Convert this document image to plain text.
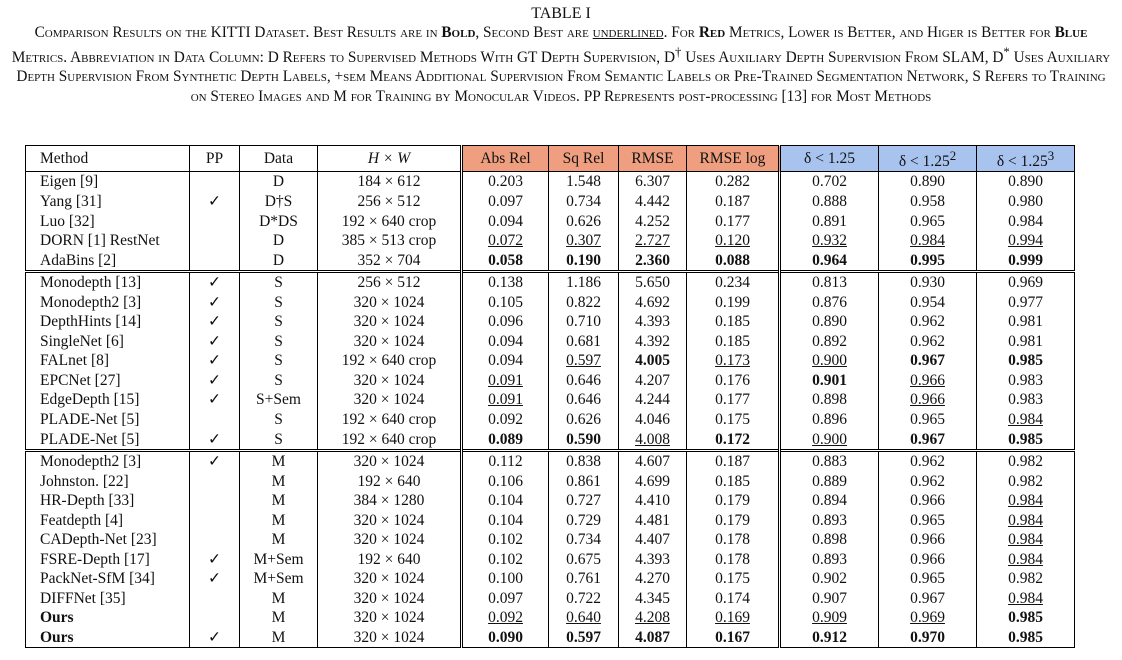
TABLE I
Comparison Results on the KITTI Dataset. Best Results are in Bold, Second Best are underlined. For Red Metrics, Lower is Better, and Higer is Better for Blue Metrics. Abbreviation in Data Column: D Refers to Supervised Methods With GT Depth Supervision, D† Uses Auxiliary Depth Supervision From SLAM, D* Uses Auxiliary Depth Supervision From Synthetic Depth Labels, +sem Means Additional Supervision From Semantic Labels or Pre-Trained Segmentation Network, S Refers to Training on Stereo Images and M for Training by Monocular Videos. PP Represents post-processing [13] for Most Methods
Method	PP	Data	H × W	Abs Rel	Sq Rel	RMSE	RMSE log	δ < 1.25	$\delta < 1.25^2$	$\delta < 1.25^3$
Eigen [9]		D	184 × 612	0.203	1.548	6.307	0.282	0.702	0.890	0.890
Yang [31]	✓	D†S	256 × 512	0.097	0.734	4.442	0.187	0.888	0.958	0.980
Luo [32]		D*DS	192 × 640 crop	0.094	0.626	4.252	0.177	0.891	0.965	0.984
DORN [1] RestNet		D	385 × 513 crop	0.072	0.307	2.727	0.120	0.932	0.984	0.994
AdaBins [2]		D	352 × 704	0.058	0.190	2.360	0.088	0.964	0.995	0.999
Monodepth [13]	✓	S	256 × 512	0.138	1.186	5.650	0.234	0.813	0.930	0.969
Monodepth2 [3]	✓	S	320 × 1024	0.105	0.822	4.692	0.199	0.876	0.954	0.977
DepthHints [14]	✓	S	320 × 1024	0.096	0.710	4.393	0.185	0.890	0.962	0.981
SingleNet [6]	✓	S	320 × 1024	0.094	0.681	4.392	0.185	0.892	0.962	0.981
FALnet [8]	✓	S	192 × 640 crop	0.094	0.597	4.005	0.173	0.900	0.967	0.985
EPCNet [27]	✓	S	320 × 1024	0.091	0.646	4.207	0.176	0.901	0.966	0.983
EdgeDepth [15]	✓	S+Sem	320 × 1024	0.091	0.646	4.244	0.177	0.898	0.966	0.983
PLADE-Net [5]		S	192 × 640 crop	0.092	0.626	4.046	0.175	0.896	0.965	0.984
PLADE-Net [5]	✓	S	192 × 640 crop	0.089	0.590	4.008	0.172	0.900	0.967	0.985
Monodepth2 [3]	✓	M	320 × 1024	0.112	0.838	4.607	0.187	0.883	0.962	0.982
Johnston. [22]		M	192 × 640	0.106	0.861	4.699	0.185	0.889	0.962	0.982
HR-Depth [33]		M	384 × 1280	0.104	0.727	4.410	0.179	0.894	0.966	0.984
Featdepth [4]		M	320 × 1024	0.104	0.729	4.481	0.179	0.893	0.965	0.984
CADepth-Net [23]		M	320 × 1024	0.102	0.734	4.407	0.178	0.898	0.966	0.984
FSRE-Depth [17]	✓	M+Sem	192 × 640	0.102	0.675	4.393	0.178	0.893	0.966	0.984
PackNet-SfM [34]	✓	M+Sem	320 × 1024	0.100	0.761	4.270	0.175	0.902	0.965	0.982
DIFFNet [35]		M	320 × 1024	0.097	0.722	4.345	0.174	0.907	0.967	0.984
Ours		M	320 × 1024	0.092	0.640	4.208	0.169	0.909	0.969	0.985
Ours	✓	M	320 × 1024	0.090	0.597	4.087	0.167	0.912	0.970	0.985
